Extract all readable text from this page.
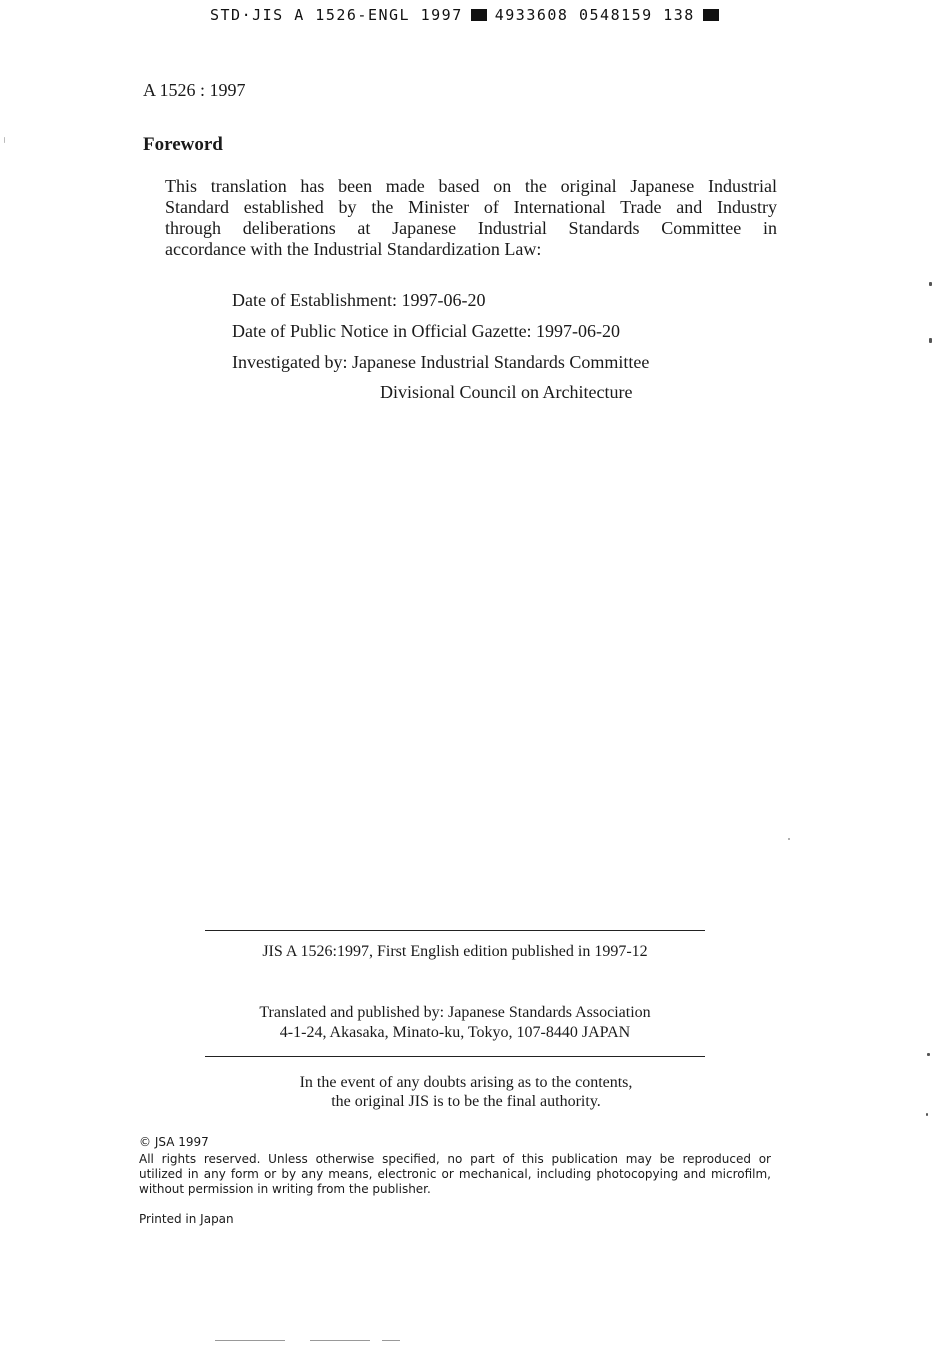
STD·JIS A 1526-ENGL 1997 4933608 0548159 138
A 1526 : 1997
Foreword
This translation has been made based on the original Japanese Industrial
Standard established by the Minister of International Trade and Industry
through deliberations at Japanese Industrial Standards Committee in
accordance with the Industrial Standardization Law:
Date of Establishment: 1997-06-20
Date of Public Notice in Official Gazette: 1997-06-20
Investigated by: Japanese Industrial Standards Committee
Divisional Council on Architecture
JIS A 1526:1997, First English edition published in 1997-12
Translated and published by: Japanese Standards Association
4-1-24, Akasaka, Minato-ku, Tokyo, 107-8440 JAPAN
In the event of any doubts arising as to the contents,
the original JIS is to be the final authority.
© JSA 1997
All rights reserved. Unless otherwise specified, no part of this publication may be reproduced or
utilized in any form or by any means, electronic or mechanical, including photocopying and microfilm,
without permission in writing from the publisher.
Printed in Japan
